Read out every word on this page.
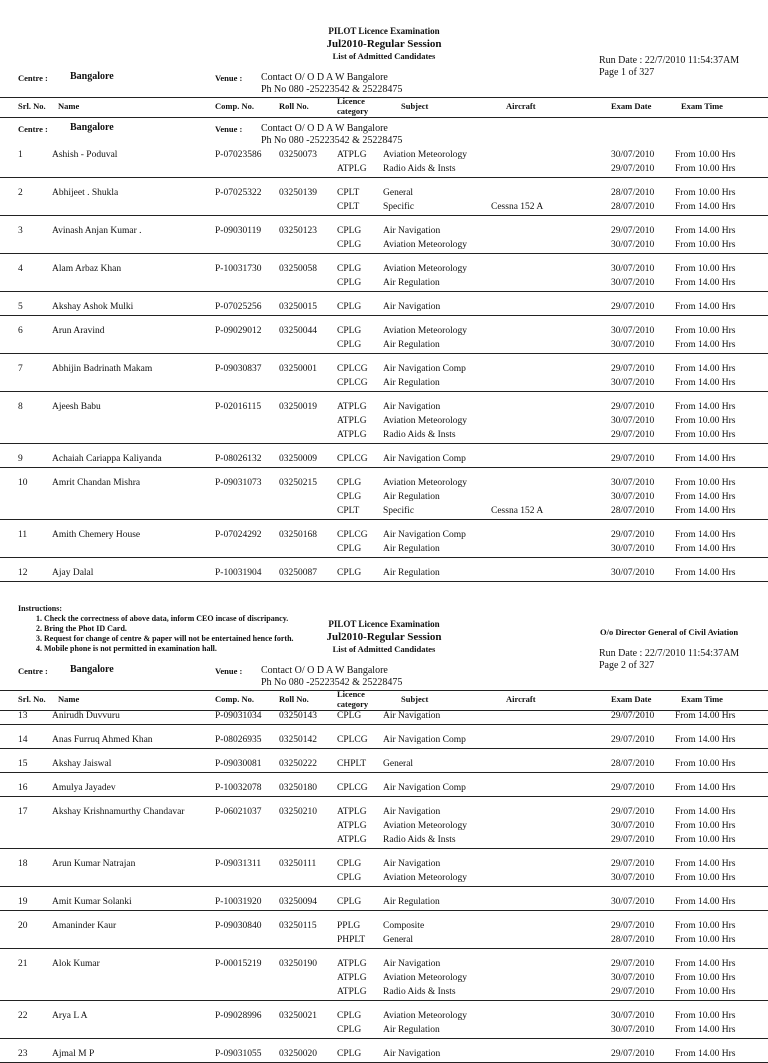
PILOT Licence Examination
Jul2010-Regular Session
List of Admitted Candidates	Run Date : 22/7/2010 11:54:37AM
Page 1 of 327
Centre : Bangalore	Venue : Contact O/ O D A W Bangalore
Ph No 080 -25223542 & 25228475
Srl. No. Name	Comp. No.	Roll No.	Licence
category	Subject	Aircraft	Exam Date	Exam Time
Centre : Bangalore	Venue : Contact O/ O D A W Bangalore
Ph No 080 -25223542 & 25228475
1	Ashish - Poduval	P-07023586 03250073 ATPLG Aviation Meteorology	30/07/2010 From 10.00 Hrs
ATPLG Radio Aids & Insts	29/07/2010 From 10.00 Hrs
2	Abhijeet . Shukla	P-07025322 03250139 CPLT General	28/07/2010 From 10.00 Hrs
CPLT Specific	Cessna 152 A	28/07/2010 From 14.00 Hrs
3	Avinash Anjan Kumar .	P-09030119 03250123 CPLG Air Navigation	29/07/2010 From 14.00 Hrs
CPLG Aviation Meteorology	30/07/2010 From 10.00 Hrs
4	Alam Arbaz Khan	P-10031730 03250058 CPLG Aviation Meteorology	30/07/2010 From 10.00 Hrs
CPLG Air Regulation	30/07/2010 From 14.00 Hrs
5	Akshay Ashok Mulki	P-07025256 03250015 CPLG Air Navigation	29/07/2010 From 14.00 Hrs
6	Arun Aravind	P-09029012 03250044 CPLG Aviation Meteorology	30/07/2010 From 10.00 Hrs
CPLG Air Regulation	30/07/2010 From 14.00 Hrs
7	Abhijin Badrinath Makam	P-09030837 03250001 CPLCG Air Navigation Comp	29/07/2010 From 14.00 Hrs
CPLCG Air Regulation	30/07/2010 From 14.00 Hrs
8	Ajeesh Babu	P-02016115 03250019 ATPLG Air Navigation	29/07/2010 From 14.00 Hrs
ATPLG Aviation Meteorology	30/07/2010 From 10.00 Hrs
ATPLG Radio Aids & Insts	29/07/2010 From 10.00 Hrs
9	Achaiah Cariappa Kaliyanda	P-08026132 03250009 CPLCG Air Navigation Comp	29/07/2010 From 14.00 Hrs
10	Amrit Chandan Mishra	P-09031073 03250215 CPLG Aviation Meteorology	30/07/2010 From 10.00 Hrs
CPLG Air Regulation	30/07/2010 From 14.00 Hrs
CPLT Specific	Cessna 152 A	28/07/2010 From 14.00 Hrs
11	Amith Chemery House	P-07024292 03250168 CPLCG Air Navigation Comp	29/07/2010 From 14.00 Hrs
CPLG Air Regulation	30/07/2010 From 14.00 Hrs
12	Ajay Dalal	P-10031904 03250087 CPLG Air Regulation	30/07/2010 From 14.00 Hrs
Instructions:
1. Check the correctness of above data, inform CEO incase of discripancy.
2. Bring the Phot ID Card.
3. Request for change of centre & paper will not be entertained hence forth.
4. Mobile phone is not permitted in examination hall.
O/o Director General of Civil Aviation
PILOT Licence Examination
Jul2010-Regular Session
List of Admitted Candidates	Run Date : 22/7/2010 11:54:37AM
Page 2 of 327
Centre : Bangalore	Venue : Contact O/ O D A W Bangalore
Ph No 080 -25223542 & 25228475
Srl. No. Name	Comp. No.	Roll No.	Licence
category	Subject	Aircraft	Exam Date	Exam Time
13	Anirudh Duvvuru	P-09031034 03250143 CPLG Air Navigation	29/07/2010 From 14.00 Hrs
14	Anas Furruq Ahmed Khan	P-08026935 03250142 CPLCG Air Navigation Comp	29/07/2010 From 14.00 Hrs
15	Akshay Jaiswal	P-09030081 03250222 CHPLT General	28/07/2010 From 10.00 Hrs
16	Amulya Jayadev	P-10032078 03250180 CPLCG Air Navigation Comp	29/07/2010 From 14.00 Hrs
17	Akshay Krishnamurthy Chandavar	P-06021037 03250210 ATPLG Air Navigation	29/07/2010 From 14.00 Hrs
ATPLG Aviation Meteorology	30/07/2010 From 10.00 Hrs
ATPLG Radio Aids & Insts	29/07/2010 From 10.00 Hrs
18	Arun Kumar Natrajan	P-09031311 03250111 CPLG Air Navigation	29/07/2010 From 14.00 Hrs
CPLG Aviation Meteorology	30/07/2010 From 10.00 Hrs
19	Amit Kumar Solanki	P-10031920 03250094 CPLG Air Regulation	30/07/2010 From 14.00 Hrs
20	Amaninder Kaur	P-09030840 03250115 PPLG Composite	29/07/2010 From 10.00 Hrs
PHPLT General	28/07/2010 From 10.00 Hrs
21	Alok Kumar	P-00015219 03250190 ATPLG Air Navigation	29/07/2010 From 14.00 Hrs
ATPLG Aviation Meteorology	30/07/2010 From 10.00 Hrs
ATPLG Radio Aids & Insts	29/07/2010 From 10.00 Hrs
22	Arya L A	P-09028996 03250021 CPLG Aviation Meteorology	30/07/2010 From 10.00 Hrs
CPLG Air Regulation	30/07/2010 From 14.00 Hrs
23	Ajmal M P	P-09031055 03250020 CPLG Air Navigation	29/07/2010 From 14.00 Hrs
